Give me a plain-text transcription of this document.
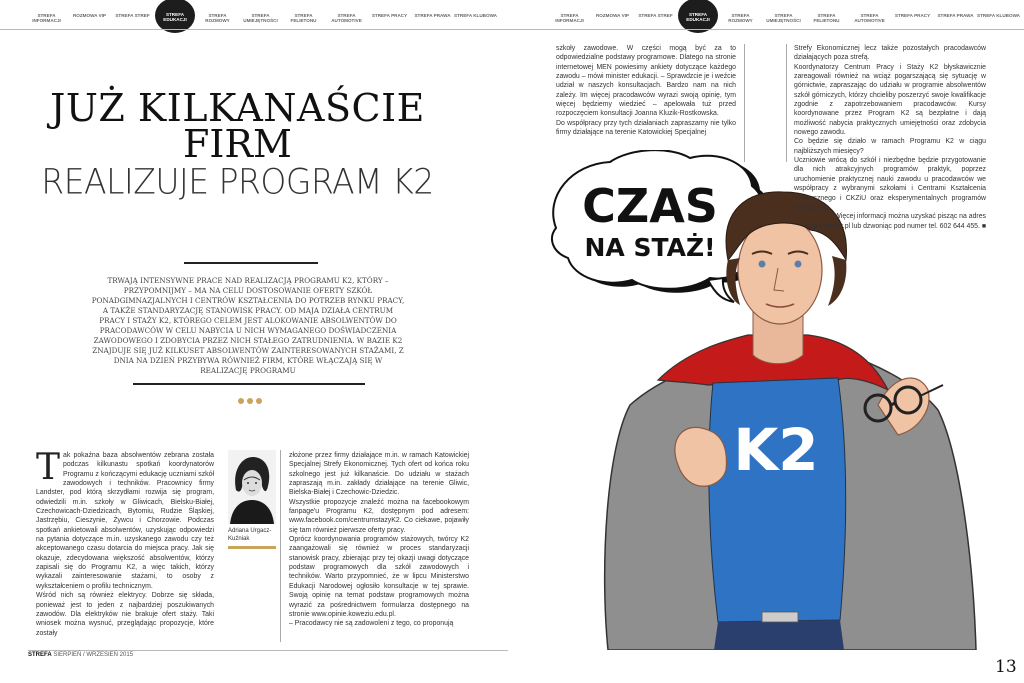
STREFA INFORMACJI
ROZMOWA VIP	STREFA STREF	STREFA EDUKACJI
STREFA ROZMOWY
STREFA UMIEJĘTNOŚCI
STREFA FELIETONU
STREFA AUTOMOTIVE
STREFA PRACY	STREFA PRAWA STREFA KLUBOWA	STREFA INFORMACJI
ROZMOWA VIP	STREFA STREF	STREFA EDUKACJI
STREFA ROZMOWY
STREFA UMIEJĘTNOŚCI
STREFA FELIETONU
STREFA AUTOMOTIVE
STREFA PRACY	STREFA PRAWA STREFA KLUBOWA
JUŻ KILKANAŚCIE
FIRM
REALIZUJE PROGRAM K2
TRWAJĄ INTENSYWNE PRACE NAD REALIZACJĄ PROGRAMU K2, KTÓRY – PRZYPOMNIJMY – MA NA CELU DOSTOSOWANIE OFERTY SZKÓŁ PONADGIMNAZJALNYCH I CENTRÓW KSZTAŁCENIA DO POTRZEB RYNKU PRACY, A TAKŻE STANDARYZACJĘ STANOWISK PRACY. OD MAJA DZIAŁA CENTRUM PRACY I STAŻY K2, KTÓREGO CELEM JEST ALOKOWANIE ABSOLWENTÓW DO PRACODAWCÓW W CELU NABYCIA U NICH WYMAGANEGO DOŚWIADCZENIA ZAWODOWEGO I ZDOBYCIA PRZEZ NICH STAŁEGO ZATRUDNIENIA. W BAZIE K2 ZNAJDUJE SIĘ JUŻ KILKUSET ABSOLWENTÓW ZAINTERESOWANYCH STAŻAMI, Z DNIA NA DZIEŃ PRZYBYWA RÓWNIEŻ FIRM, KTÓRE WŁĄCZAJĄ SIĘ W REALIZACJĘ PROGRAMU
T ak pokaźna baza absolwentów zebrana została podczas kilkunastu spotkań koordynatorów Programu z kończącymi edukację uczniami szkół zawodowych i techników. Pracownicy firmy Landster, pod którą skrzydłami rozwija się program, odwiedzili m.in. szkoły w Gliwicach, Bielsku-Białej, Czechowicach-Dziedzicach, Bytomiu, Rudzie Śląskiej, Jastrzębiu, Cieszynie, Żywcu i Chorzowie. Podczas spotkań ankietowali absolwentów, uzyskując odpowiedzi na pytania dotyczące m.in. uzyskanego zawodu czy też akceptowanego czasu dotarcia do miejsca pracy. Jak się okazuje, zdecydowana większość absolwentów, którzy zapisali się do Programu K2, a więc takich, którzy wykazali zainteresowanie stażami, to osoby z wykształceniem o profilu technicznym.

Wśród nich są również elektrycy. Dobrze się składa, ponieważ jest to jeden z najbardziej poszukiwanych zawodów. Dla elektryków nie brakuje ofert staży. Taki wniosek można wysnuć, przeglądając propozycje, które zostały

Adriana Urgacz-Kuźniak

złożone przez firmy działające m.in. w ramach Katowickiej Specjalnej Strefy Ekonomicznej. Tych ofert od końca roku szkolnego jest już kilkanaście. Do udziału w stażach zapraszają m.in. zakłady działające na terenie Gliwic, Bielska-Białej i Czechowic-Dziedzic.

Wszystkie propozycje znaleźć można na facebookowym fanpage'u Programu K2, dostępnym pod adresem: www.facebook.com/centrumstazyK2. Co ciekawe, pojawiły się tam również pierwsze oferty pracy.

Oprócz koordynowania programów stażowych, twórcy K2 zaangażowali się również w proces standaryzacji stanowisk pracy, zbierając przy tej okazji uwagi dotyczące podstaw programowych dla szkół zawodowych i techników. Warto przypomnieć, że w lipcu Ministerstwo Edukacji Narodowej ogłosiło konsultacje w tej sprawie. Swoją opinię na temat podstaw programowych można wyrazić za pośrednictwem formularza dostępnego na stronie www.opinie.koweziu.edu.pl.

– Pracodawcy nie są zadowoleni z tego, co proponują

STREFA SIERPIEŃ / WRZESIEŃ 2015

szkoły zawodowe. W części mogą być za to odpowiedzialne podstawy programowe. Dlatego na stronie internetowej MEN powiesimy ankiety dotyczące każdego zawodu – mówi minister edukacji. – Sprawdzcie je i weźcie udział w naszych konsultacjach. Bardzo nam na nich zależy. Im więcej pracodawców wyrazi swoją opinię, tym więcej będziemy wiedzieć – apelowała tuż przed rozpoczęciem konsultacji Joanna Kluzik-Rostkowska.

Do współpracy przy tych działaniach zapraszamy nie tylko firmy działające na terenie Katowickiej Specjalnej

CZAS
NA STAŻ!
K2

Strefy Ekonomicznej lecz także pozostałych pracodawców działających poza strefą.

Koordynatorzy Centrum Pracy i Staży K2 błyskawicznie zareagowali również na wciąż pogarszającą się sytuację w górnictwie, zapraszając do udziału w programie absolwentów szkół górniczych, którzy chcieliby poszerzyć swoje kwalifikacje zgodnie z zapotrzebowaniem pracodawców. Kursy koordynowane przez Program K2 są bezpłatne i dają możliwość nabycia praktycznych umiejętności oraz zdobycia nowego zawodu.

Co będzie się działo w ramach Programu K2 w ciągu najbliższych miesięcy?

Uczniowie wrócą do szkół i niezbędne będzie przygotowanie dla nich atrakcyjnych programów praktyk, poprzez uruchomienie praktycznej nauki zawodu u pracodawców we współpracy z wybranymi szkołami i Centrami Kształcenia Praktycznego i CKZiU oraz eksperymentalnych programów nauczania.

Więcej informacji można uzyskać pisząc na adres k2@landster.pl lub dzwoniąc pod numer tel. 602 644 455. ■

13
